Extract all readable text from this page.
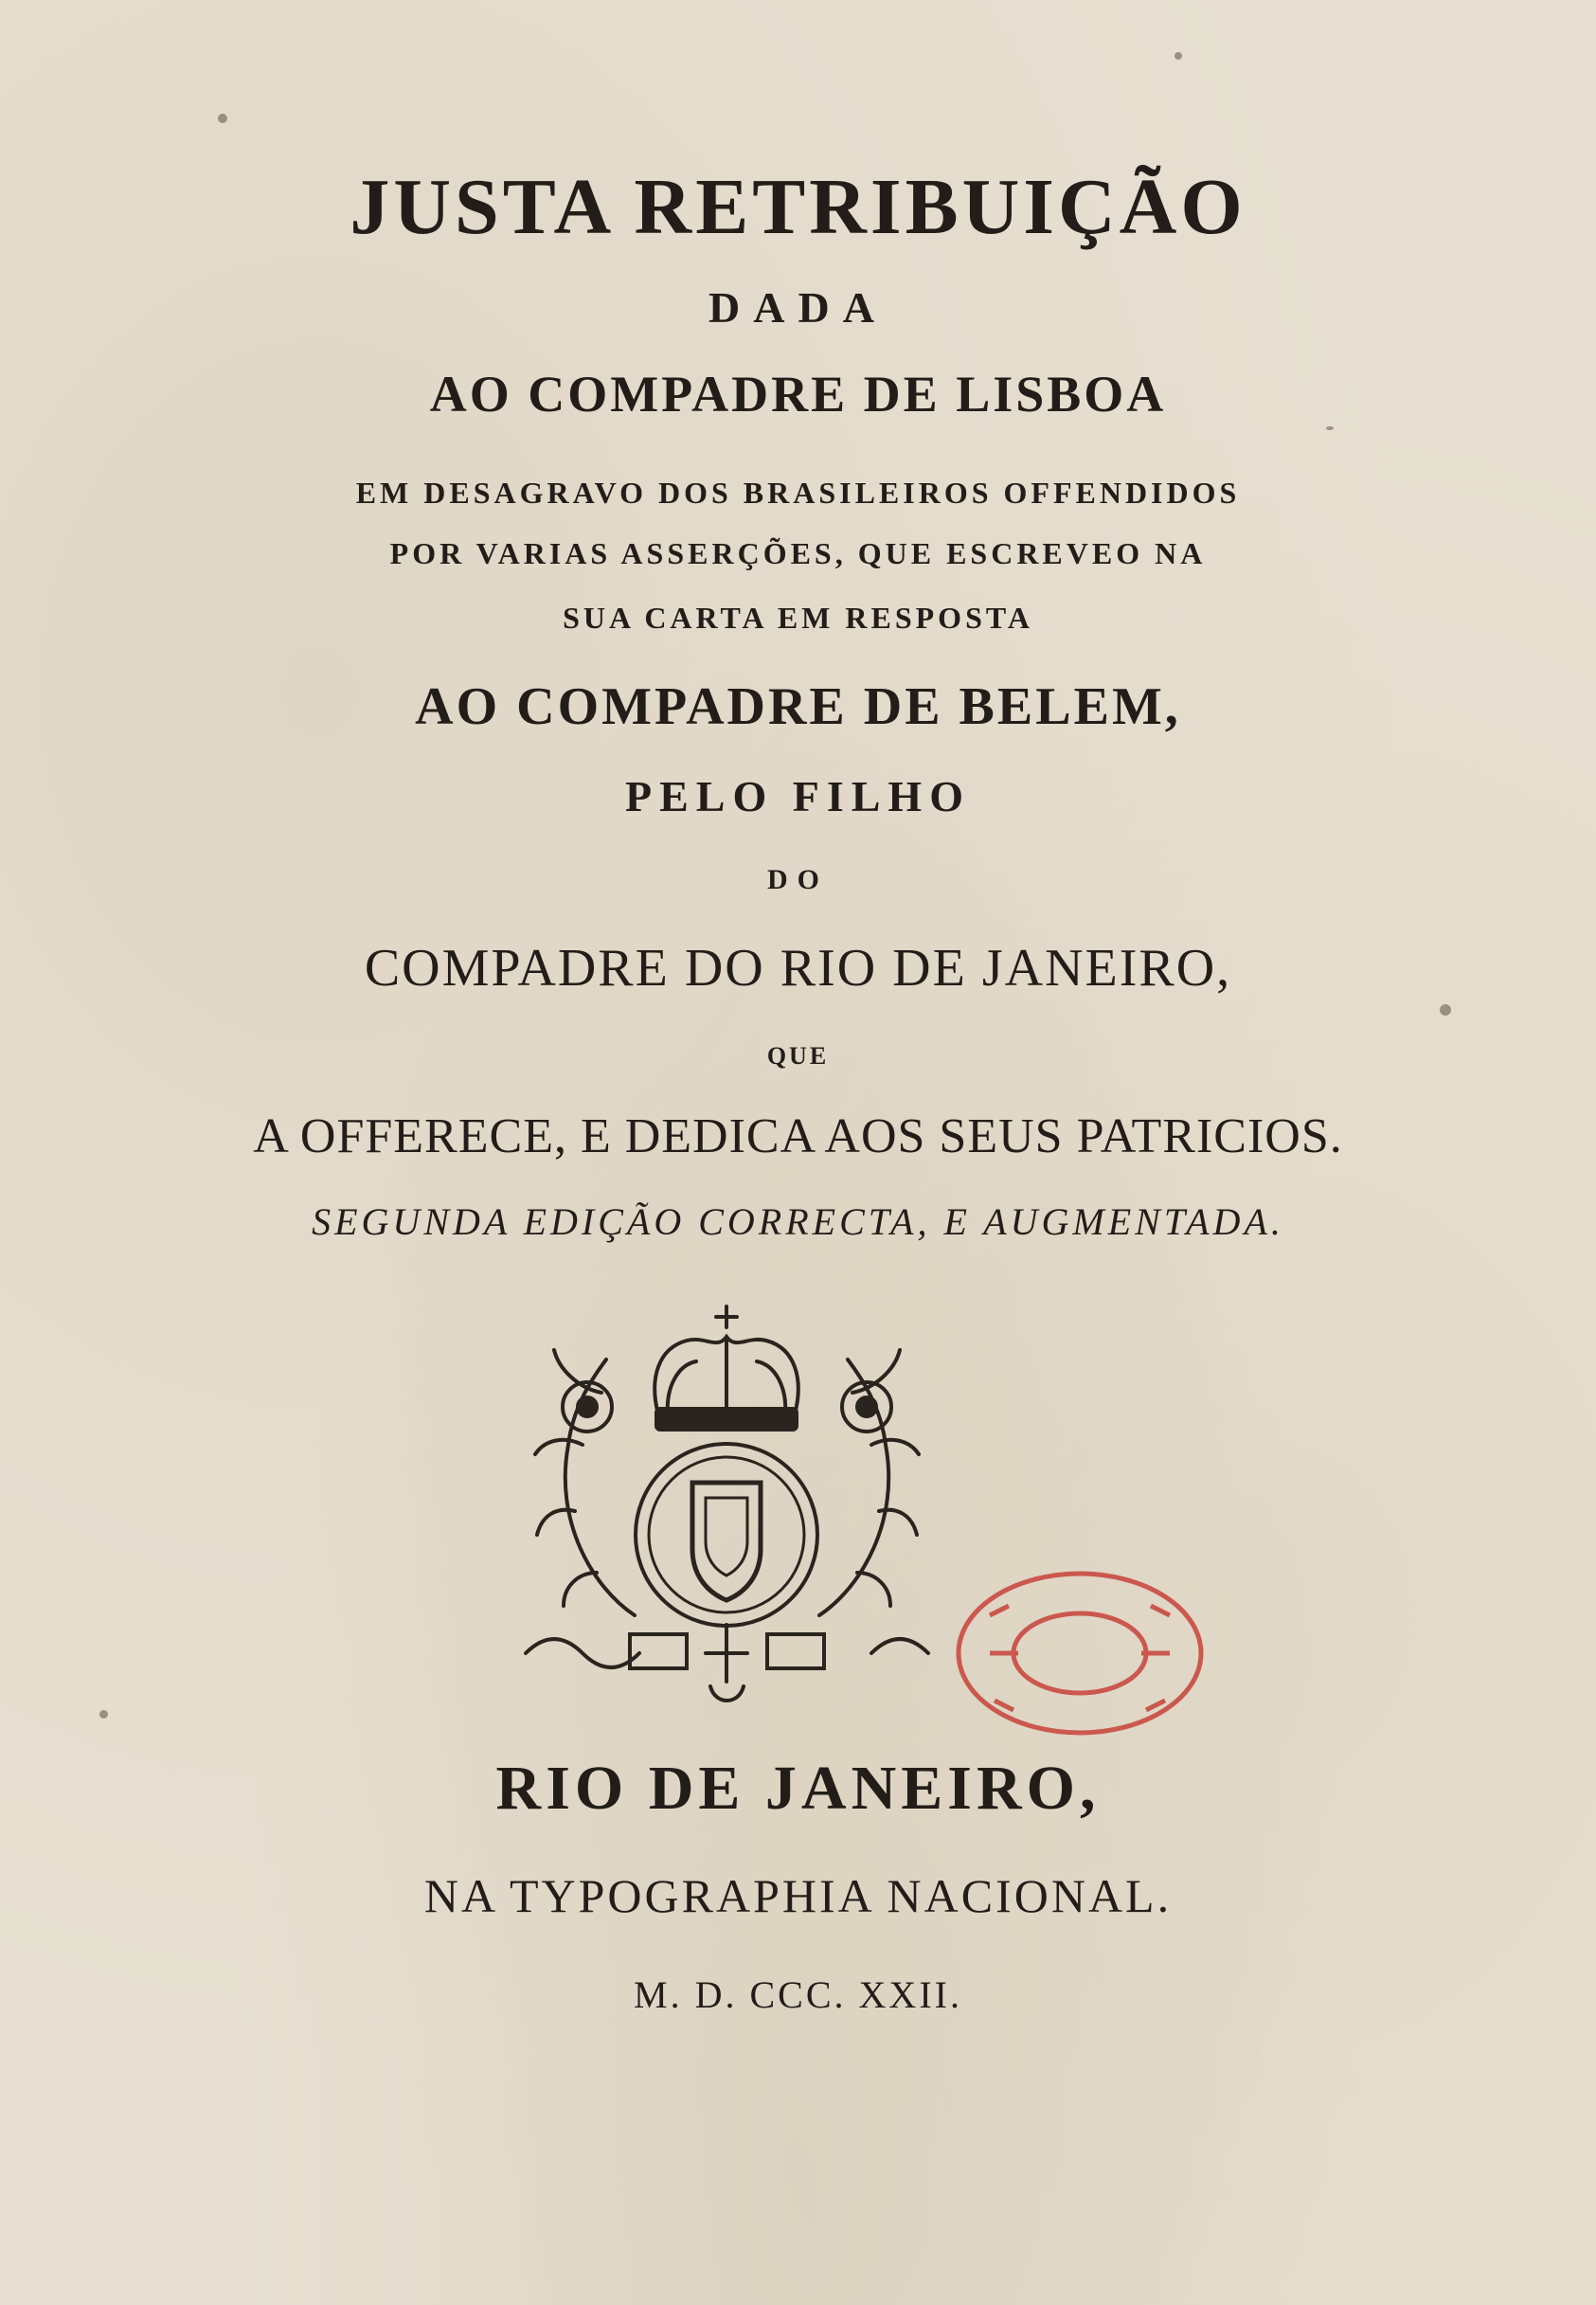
JUSTA RETRIBUIÇÃO
DADA
AO COMPADRE DE LISBOA
EM DESAGRAVO DOS BRASILEIROS OFFENDIDOS
POR VARIAS ASSERÇÕES, QUE ESCREVEO NA
SUA CARTA EM RESPOSTA
AO COMPADRE DE BELEM,
PELO FILHO
DO
COMPADRE DO RIO DE JANEIRO,
QUE
A OFFERECE, E DEDICA AOS SEUS PATRICIOS.
SEGUNDA EDIÇÃO CORRECTA, E AUGMENTADA.
RIO DE JANEIRO,
NA TYPOGRAPHIA NACIONAL.
M. D. CCC. XXII.
